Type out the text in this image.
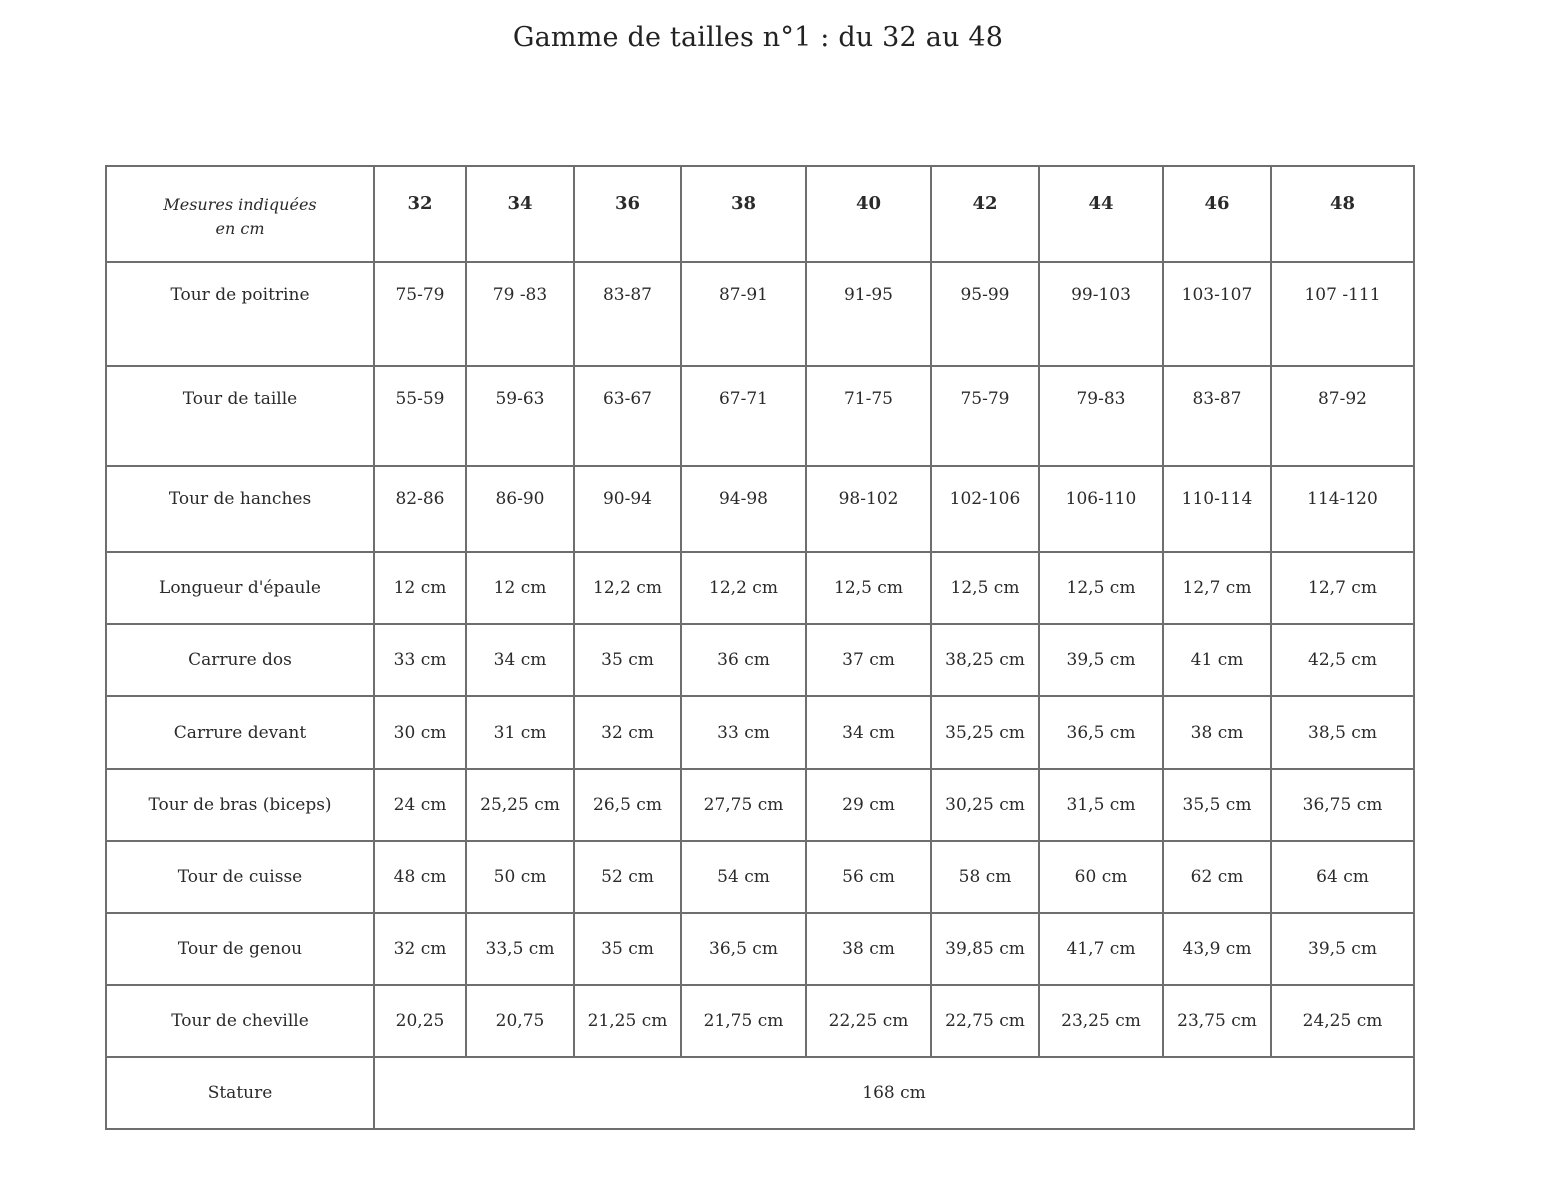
Gamme de tailles n°1 : du 32 au 48
Mesures indiquées
en cm	32	34	36	38	40	42	44	46	48
Tour de poitrine	75-79	79 -83	83-87	87-91	91-95	95-99	99-103	103-107	107 -111
Tour de taille	55-59	59-63	63-67	67-71	71-75	75-79	79-83	83-87	87-92
Tour de hanches	82-86	86-90	90-94	94-98	98-102	102-106	106-110	110-114	114-120
Longueur d'épaule	12 cm	12 cm	12,2 cm	12,2 cm	12,5 cm	12,5 cm	12,5 cm	12,7 cm	12,7 cm
Carrure dos	33 cm	34 cm	35 cm	36 cm	37 cm	38,25 cm	39,5 cm	41 cm	42,5 cm
Carrure devant	30 cm	31 cm	32 cm	33 cm	34 cm	35,25 cm	36,5 cm	38 cm	38,5 cm
Tour de bras (biceps)	24 cm	25,25 cm	26,5 cm	27,75 cm	29 cm	30,25 cm	31,5 cm	35,5 cm	36,75 cm
Tour de cuisse	48 cm	50 cm	52 cm	54 cm	56 cm	58 cm	60 cm	62 cm	64 cm
Tour de genou	32 cm	33,5 cm	35 cm	36,5 cm	38 cm	39,85 cm	41,7 cm	43,9 cm	39,5 cm
Tour de cheville	20,25	20,75	21,25 cm	21,75 cm	22,25 cm	22,75 cm	23,25 cm	23,75 cm	24,25 cm
Stature	168 cm								
